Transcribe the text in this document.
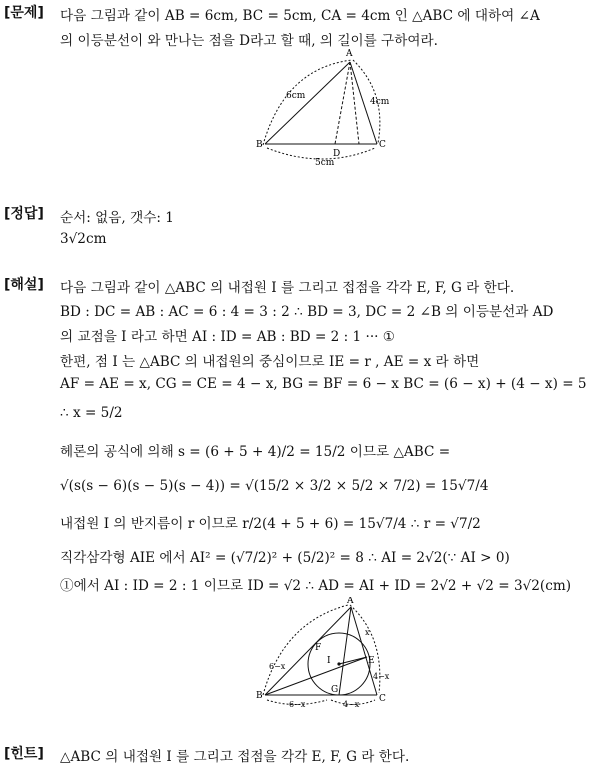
[문제] 다음 그림과 같이 AB = 6cm, BC = 5cm, CA = 4cm 인 △ABC 에 대하여 ∠A
의 이등분선이 와 만나는 점을 D라고 할 때, 의 길이를 구하여라.
A
B	C
D
6cm
4cm
5cm
[정답] 순서: 없음, 갯수: 1
3√2cm
[해설] 다음 그림과 같이 △ABC 의 내접원 I 를 그리고 접점을 각각 E, F, G 라 한다.
BD : DC = AB : AC = 6 : 4 = 3 : 2 ∴ BD = 3, DC = 2 ∠B 의 이등분선과 AD
의 교점을 I 라고 하면 AI : ID = AB : BD = 2 : 1 ··· ①
한편, 점 I 는 △ABC 의 내접원의 중심이므로 IE = r , AE = x 라 하면
AF = AE = x, CG = CE = 4 − x, BG = BF = 6 − x BC = (6 − x) + (4 − x) = 5
∴ x = 5/2
헤론의 공식에 의해 s = (6 + 5 + 4)/2 = 15/2 이므로 △ABC =
√(s(s − 6)(s − 5)(s − 4)) = √(15/2 × 3/2 × 5/2 × 7/2) = 15√7/4
내접원 I 의 반지름이 r 이므로 r/2(4 + 5 + 6) = 15√7/4 ∴ r = √7/2
직각삼각형 AIE 에서 AI² = (√7/2)² + (5/2)² = 8 ∴ AI = 2√2(∵ AI > 0)
①에서 AI : ID = 2 : 1 이므로 ID = √2 ∴ AD = AI + ID = 2√2 + √2 = 3√2(cm)
A
B	C
E
F
G
I
6−x
6−x	4−x
4−x
x
[힌트] △ABC 의 내접원 I 를 그리고 접점을 각각 E, F, G 라 한다.
